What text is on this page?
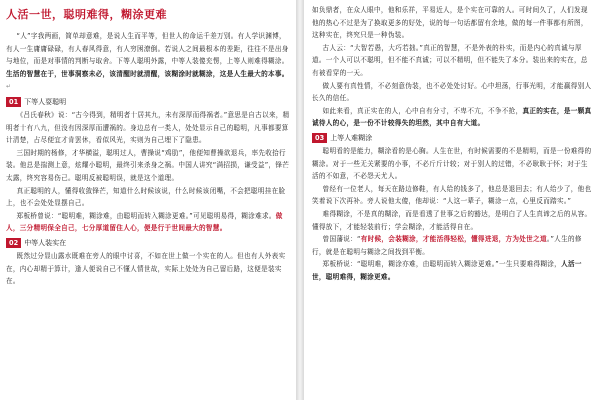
人活一世，聪明难得，糊涂更难

“人”字我两画，简单却意难，是说人生而平等，但世人的命运千差万别。有人学识渊博，有人一生庸庸碌碌，有人春风得意，有人穷困潦倒。若说人之间最根本的差距，往往不是出身与地位，而是对事情的判断与取舍。下等人聪明外露，中等人装傻充愣，上等人则难得糊涂。生活的智慧在于，世事洞察未必，该清醒时就清醒，该糊涂时就糊涂，这是人生最大的本事。↵

01 下等人耍聪明

《吕氏春秋》说：“古今得到，精明者十居其九，未有深厚而得祸者。”意思是自古以来，精明者十有八九，但没有因深厚而遭祸的。身边总有一类人，处处显示自己的聪明，凡事都要算计清楚，占尽便宜才肯罢休，看似风光，实则为自己埋下了隐患。

三国时期的杨修，才华横溢，聪明过人，曹操说“鸡肋”，他便知曹操欲退兵，率先收拾行装。他总是揣测上意，炫耀小聪明，最终引来杀身之祸。中国人讲究“满招损，谦受益”，锋芒太露，终究容易伤己。聪明反被聪明误，就是这个道理。

真正聪明的人，懂得收敛锋芒，知道什么时候该说，什么时候该闭嘴，不会把聪明挂在脸上，也不会处处显摆自己。

郑板桥曾说：“聪明难，糊涂难，由聪明而转入糊涂更难。”可见聪明易得，糊涂难求。做人，三分精明保全自己，七分厚道留住人心，便是行于世间最大的智慧。

02 中等人装实在

既然过分显山露水既难在旁人的眼中讨喜，不如在世上做一个实在的人。但也有人外表实在，内心却精于算计，逢人便说自己不懂人情世故，实际上处处为自己留后路，这便是装实在。

如负鼎者，在众人眼中，他和乐祥，平易近人，是个实在可靠的人。可时间久了，人们发现他的热心不过是为了换取更多的好处，说的每一句话都留有余地，做的每一件事都有所图，这种实在，终究只是一种伪装。

古人云：“大智若愚，大巧若拙。”真正的智慧，不是外表的朴实，而是内心的真诚与厚道。一个人可以不聪明，但不能不真诚；可以不精明，但不能失了本分。装出来的实在，总有被看穿的一天。

做人要有真性情，不必刻意伪装，也不必处处讨好。心中坦荡，行事光明，才能赢得别人长久的信任。

如此来看，真正实在的人，心中自有分寸，不卑不亢，不争不抢，真正的实在，是一颗真诚待人的心，是一份不计较得失的坦然，其中自有大道。

03 上等人难糊涂

聪明看的是能力，糊涂看的是心胸。人生在世，有时候需要的不是精明，而是一份难得的糊涂。对于一些无关紧要的小事，不必斤斤计较；对于别人的过错，不必耿耿于怀；对于生活的不如意，不必怨天尤人。

曾经有一位老人，每天在路边修鞋，有人给的钱多了，他总是退回去；有人给少了，他也笑着说下次再补。旁人说他太傻，他却说：“人这一辈子，糊涂一点，心里反而踏实。”

难得糊涂，不是真的糊涂，而是看透了世事之后的豁达，是明白了人生真谛之后的从容。懂得放下，才能轻装前行；学会糊涂，才能活得自在。

曾国藩说：“有时候，会装糊涂，才能活得轻松，懂得进退，方为处世之道。”人生的修行，就是在聪明与糊涂之间找到平衡。

郑板桥说：“聪明难，糊涂亦难，由聪明而转入糊涂更难。”一生只要难得糊涂，人活一世，聪明难得，糊涂更难。
